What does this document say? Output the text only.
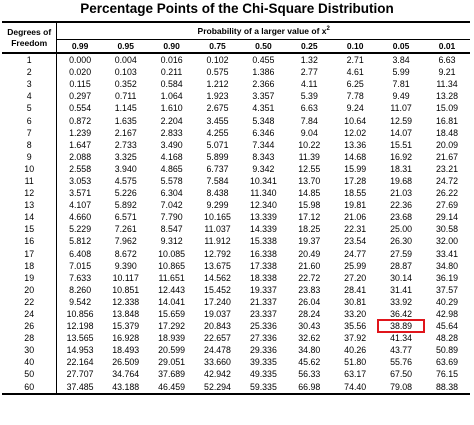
Percentage Points of the Chi-Square Distribution
Degrees of
Freedom	Probability of a larger value of $x^2$
	0.99	0.95	0.90	0.75	0.50	0.25	0.10	0.05	0.01
1	0.000	0.004	0.016	0.102	0.455	1.32	2.71	3.84	6.63
2	0.020	0.103	0.211	0.575	1.386	2.77	4.61	5.99	9.21
3	0.115	0.352	0.584	1.212	2.366	4.11	6.25	7.81	11.34
4	0.297	0.711	1.064	1.923	3.357	5.39	7.78	9.49	13.28
5	0.554	1.145	1.610	2.675	4.351	6.63	9.24	11.07	15.09
6	0.872	1.635	2.204	3.455	5.348	7.84	10.64	12.59	16.81
7	1.239	2.167	2.833	4.255	6.346	9.04	12.02	14.07	18.48
8	1.647	2.733	3.490	5.071	7.344	10.22	13.36	15.51	20.09
9	2.088	3.325	4.168	5.899	8.343	11.39	14.68	16.92	21.67
10	2.558	3.940	4.865	6.737	9.342	12.55	15.99	18.31	23.21
11	3.053	4.575	5.578	7.584	10.341	13.70	17.28	19.68	24.72
12	3.571	5.226	6.304	8.438	11.340	14.85	18.55	21.03	26.22
13	4.107	5.892	7.042	9.299	12.340	15.98	19.81	22.36	27.69
14	4.660	6.571	7.790	10.165	13.339	17.12	21.06	23.68	29.14
15	5.229	7.261	8.547	11.037	14.339	18.25	22.31	25.00	30.58
16	5.812	7.962	9.312	11.912	15.338	19.37	23.54	26.30	32.00
17	6.408	8.672	10.085	12.792	16.338	20.49	24.77	27.59	33.41
18	7.015	9.390	10.865	13.675	17.338	21.60	25.99	28.87	34.80
19	7.633	10.117	11.651	14.562	18.338	22.72	27.20	30.14	36.19
20	8.260	10.851	12.443	15.452	19.337	23.83	28.41	31.41	37.57
22	9.542	12.338	14.041	17.240	21.337	26.04	30.81	33.92	40.29
24	10.856	13.848	15.659	19.037	23.337	28.24	33.20	36.42	42.98
26	12.198	15.379	17.292	20.843	25.336	30.43	35.56	38.89	45.64
28	13.565	16.928	18.939	22.657	27.336	32.62	37.92	41.34	48.28
30	14.953	18.493	20.599	24.478	29.336	34.80	40.26	43.77	50.89
40	22.164	26.509	29.051	33.660	39.335	45.62	51.80	55.76	63.69
50	27.707	34.764	37.689	42.942	49.335	56.33	63.17	67.50	76.15
60	37.485	43.188	46.459	52.294	59.335	66.98	74.40	79.08	88.38
